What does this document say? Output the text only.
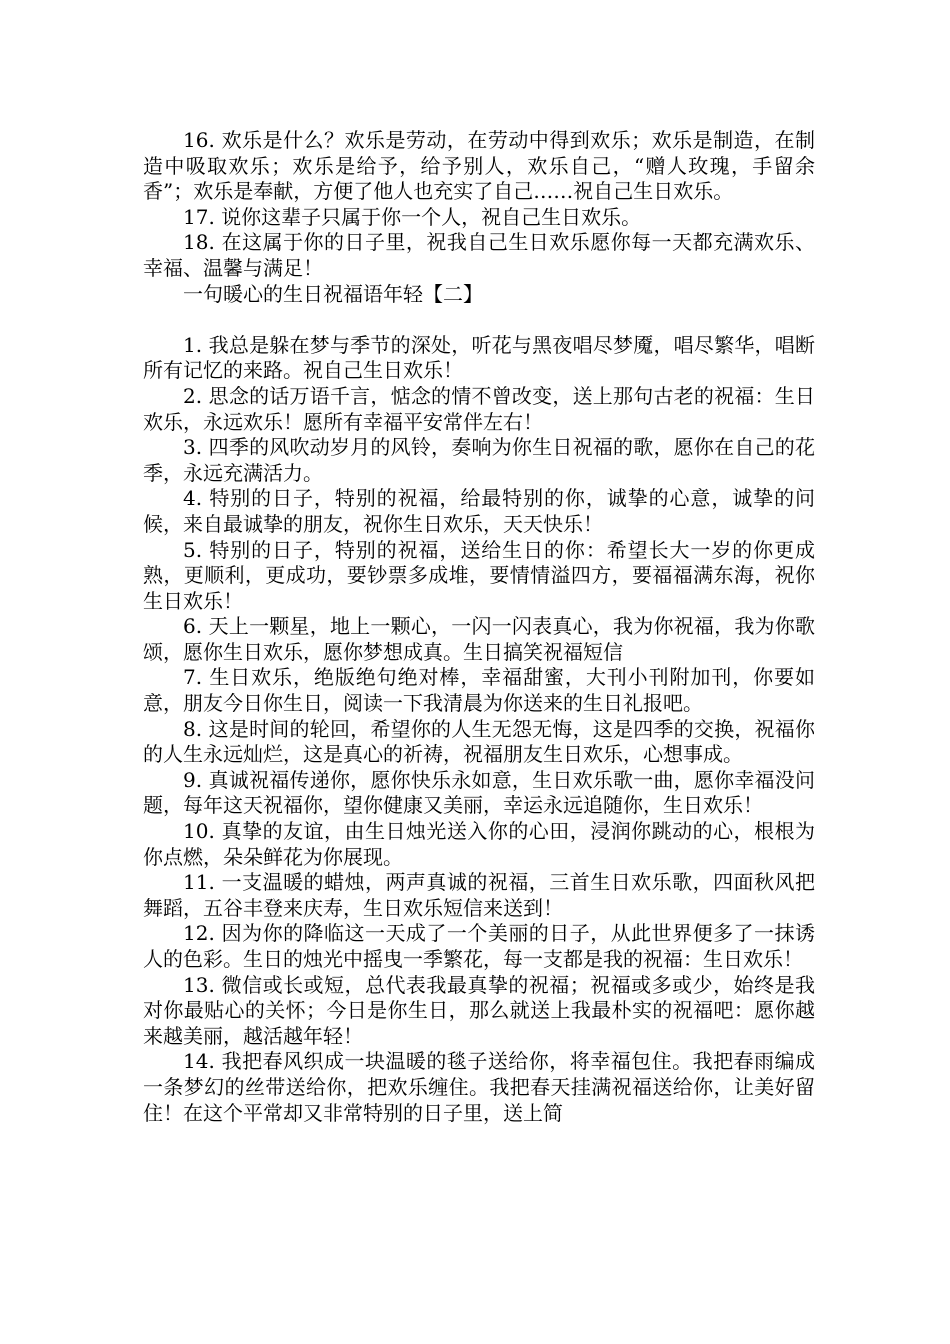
16. 欢乐是什么？欢乐是劳动，在劳动中得到欢乐；欢乐是制造，在制造中吸取欢乐；欢乐是给予，给予别人，欢乐自己，“赠人玫瑰，手留余香”；欢乐是奉献，方便了他人也充实了自己……祝自己生日欢乐。

17. 说你这辈子只属于你一个人，祝自己生日欢乐。

18. 在这属于你的日子里，祝我自己生日欢乐愿你每一天都充满欢乐、幸福、温馨与满足！

一句暖心的生日祝福语年轻【二】

1. 我总是躲在梦与季节的深处，听花与黑夜唱尽梦魇，唱尽繁华，唱断所有记忆的来路。祝自己生日欢乐！

2. 思念的话万语千言，惦念的情不曾改变，送上那句古老的祝福：生日欢乐，永远欢乐！愿所有幸福平安常伴左右！

3. 四季的风吹动岁月的风铃，奏响为你生日祝福的歌，愿你在自己的花季，永远充满活力。

4. 特别的日子，特别的祝福，给最特别的你，诚挚的心意，诚挚的问候，来自最诚挚的朋友，祝你生日欢乐，天天快乐！

5. 特别的日子，特别的祝福，送给生日的你：希望长大一岁的你更成熟，更顺利，更成功，要钞票多成堆，要情情溢四方，要福福满东海，祝你生日欢乐！

6. 天上一颗星，地上一颗心，一闪一闪表真心，我为你祝福，我为你歌颂，愿你生日欢乐，愿你梦想成真。生日搞笑祝福短信

7. 生日欢乐，绝版绝句绝对棒，幸福甜蜜，大刊小刊附加刊，你要如意，朋友今日你生日，阅读一下我清晨为你送来的生日礼报吧。

8. 这是时间的轮回，希望你的人生无怨无悔，这是四季的交换，祝福你的人生永远灿烂，这是真心的祈祷，祝福朋友生日欢乐，心想事成。

9. 真诚祝福传递你，愿你快乐永如意，生日欢乐歌一曲，愿你幸福没问题，每年这天祝福你，望你健康又美丽，幸运永远追随你，生日欢乐！

10. 真挚的友谊，由生日烛光送入你的心田，浸润你跳动的心，根根为你点燃，朵朵鲜花为你展现。

11. 一支温暖的蜡烛，两声真诚的祝福，三首生日欢乐歌，四面秋风把舞蹈，五谷丰登来庆寿，生日欢乐短信来送到！

12. 因为你的降临这一天成了一个美丽的日子，从此世界便多了一抹诱人的色彩。生日的烛光中摇曳一季繁花，每一支都是我的祝福：生日欢乐！

13. 微信或长或短，总代表我最真挚的祝福；祝福或多或少，始终是我对你最贴心的关怀；今日是你生日，那么就送上我最朴实的祝福吧：愿你越来越美丽，越活越年轻！

14. 我把春风织成一块温暖的毯子送给你，将幸福包住。我把春雨编成一条梦幻的丝带送给你，把欢乐缠住。我把春天挂满祝福送给你，让美好留住！在这个平常却又非常特别的日子里，送上简
